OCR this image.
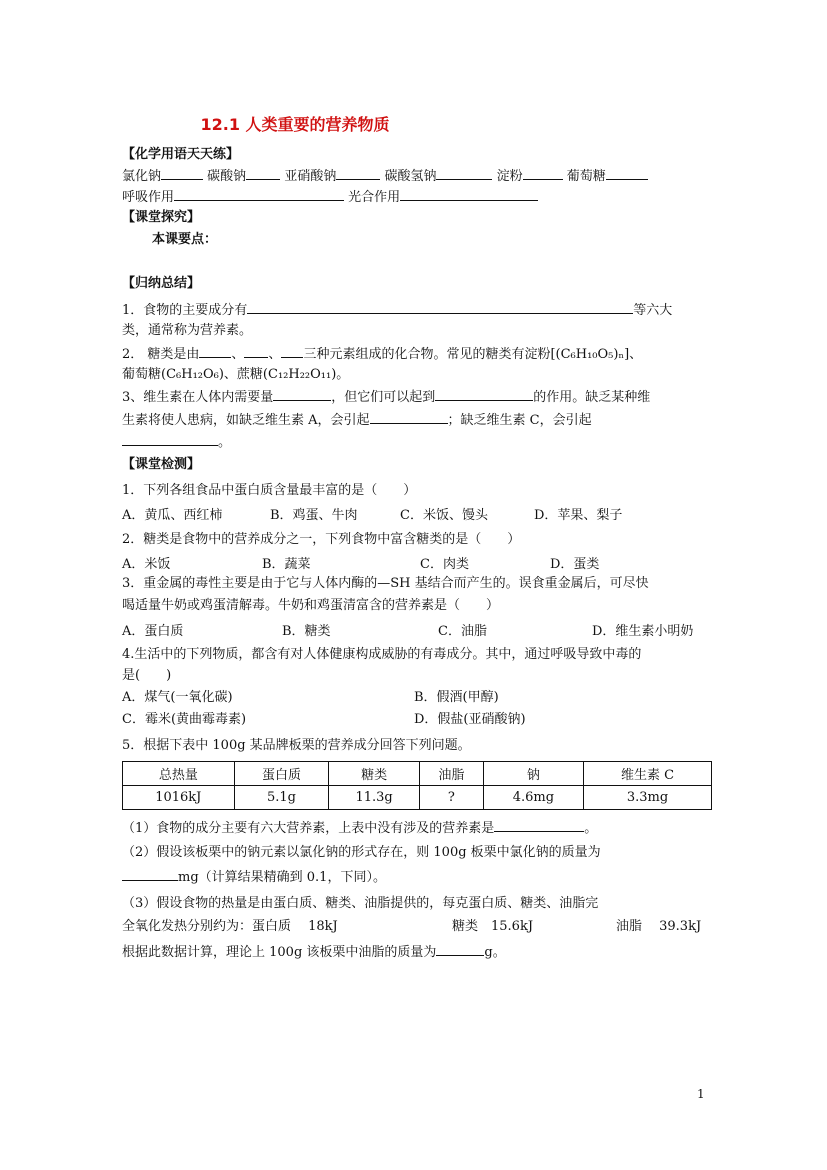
12.1 人类重要的营养物质
【化学用语天天练】
氯化钠	碳酸钠	亚硝酸钠	碳酸氢钠	淀粉	葡萄糖
呼吸作用	光合作用
【课堂探究】
本课要点：
【归纳总结】
1．食物的主要成分有	等六大
类，通常称为营养素。
2． 糖类是由 、 、 三种元素组成的化合物。常见的糖类有淀粉[(C₆H₁₀O₅)ₙ]、
葡萄糖(C₆H₁₂O₆)、蔗糖(C₁₂H₂₂O₁₁)。
3、维生素在人体内需要量	，但它们可以起到	的作用。缺乏某种维
生素将使人患病，如缺乏维生素 A，会引起	；缺乏维生素 C，会引起
。
【课堂检测】
1．下列各组食品中蛋白质含量最丰富的是（　　）
A．黄瓜、西红柿	B．鸡蛋、牛肉	C．米饭、馒头	D．苹果、梨子
2．糖类是食物中的营养成分之一，下列食物中富含糖类的是（　　）
A．米饭	B．蔬菜	C．肉类	D．蛋类
3．重金属的毒性主要是由于它与人体内酶的—SH 基结合而产生的。误食重金属后，可尽快
喝适量牛奶或鸡蛋清解毒。牛奶和鸡蛋清富含的营养素是（　　）
A．蛋白质	B．糖类	C．油脂	D．维生素小明奶
4.生活中的下列物质，都含有对人体健康构成威胁的有毒成分。其中，通过呼吸导致中毒的
是(　　)
A．煤气(一氧化碳)	B．假酒(甲醇)
C．霉米(黄曲霉毒素)	D．假盐(亚硝酸钠)
5．根据下表中 100g 某品牌板栗的营养成分回答下列问题。
总热量	蛋白质	糖类	油脂	钠	维生素 C
1016kJ	5.1g	11.3g	?	4.6mg	3.3mg
（1）食物的成分主要有六大营养素，上表中没有涉及的营养素是	。
（2）假设该板栗中的钠元素以氯化钠的形式存在，则 100g 板栗中氯化钠的质量为
mg（计算结果精确到 0.1，下同）。
（3）假设食物的热量是由蛋白质、糖类、油脂提供的，每克蛋白质、糖类、油脂完
全氧化发热分别约为：蛋白质　 18kJ	糖类　15.6kJ	油脂　 39.3kJ
根据此数据计算，理论上 100g 该板栗中油脂的质量为	g。
1
